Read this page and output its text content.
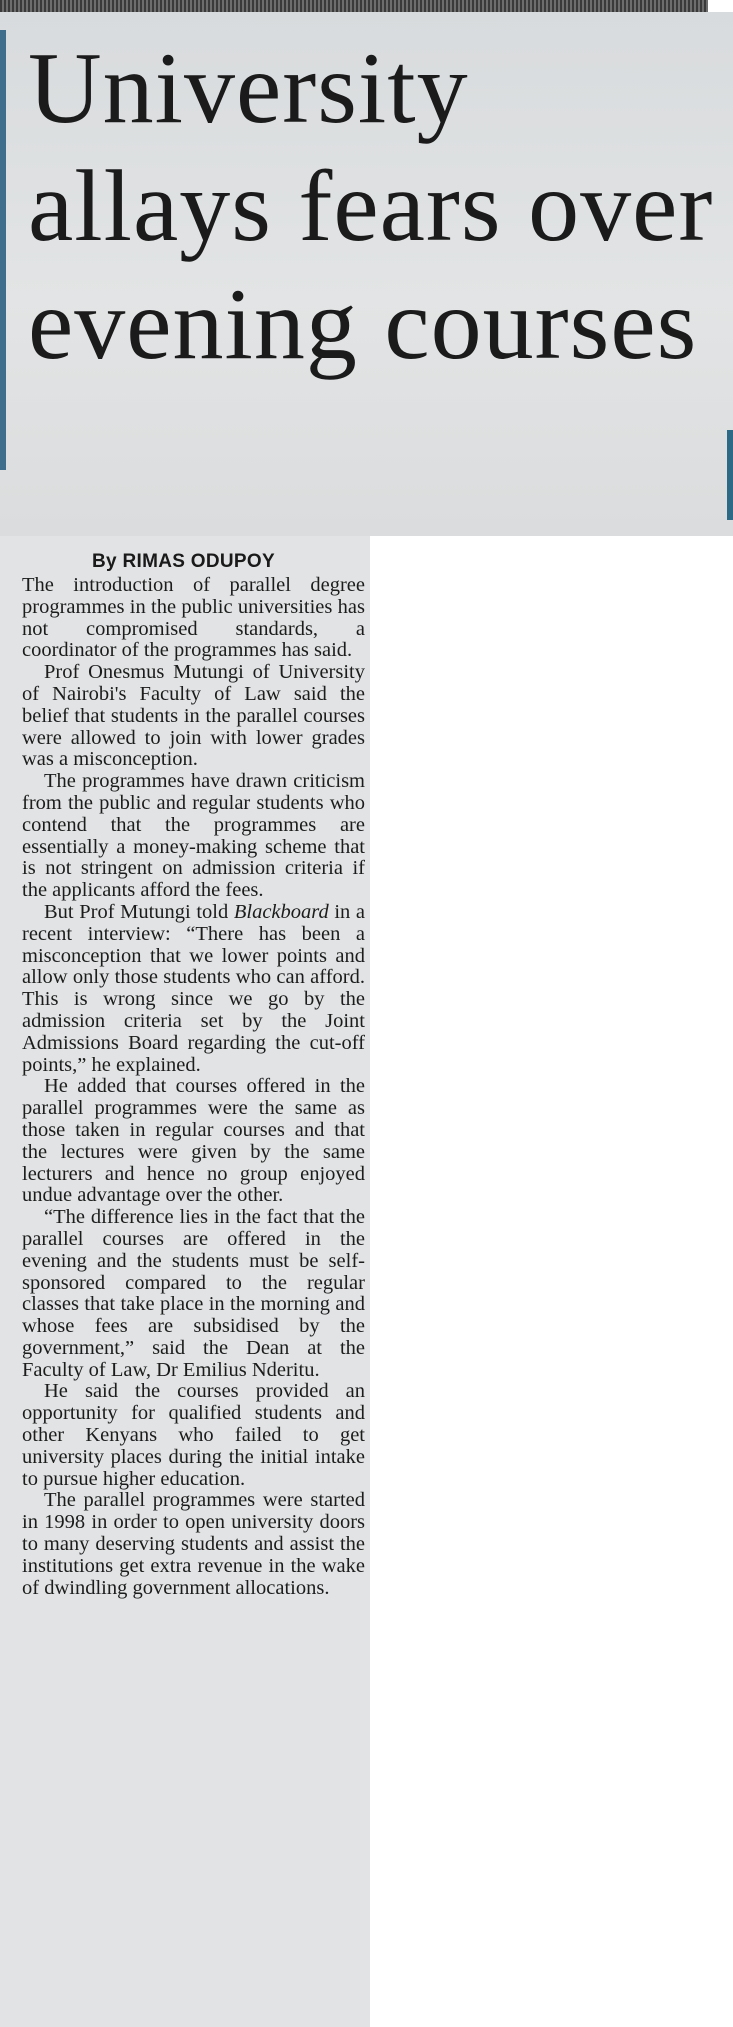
University allays fears over evening courses
By RIMAS ODUPOY

The introduction of parallel degree programmes in the public universities has not compromised standards, a coordinator of the programmes has said.

Prof Onesmus Mutungi of University of Nairobi's Faculty of Law said the belief that students in the parallel courses were allowed to join with lower grades was a misconception.

The programmes have drawn criticism from the public and regular students who contend that the programmes are essentially a money-making scheme that is not stringent on admission criteria if the applicants afford the fees.

But Prof Mutungi told Blackboard in a recent interview: “There has been a misconception that we lower points and allow only those students who can afford. This is wrong since we go by the admission criteria set by the Joint Admissions Board regarding the cut-off points,” he explained.

He added that courses offered in the parallel programmes were the same as those taken in regular courses and that the lectures were given by the same lecturers and hence no group enjoyed undue advantage over the other.

“The difference lies in the fact that the parallel courses are offered in the evening and the students must be self-sponsored compared to the regular classes that take place in the morning and whose fees are subsidised by the government,” said the Dean at the Faculty of Law, Dr Emilius Nderitu.

He said the courses provided an opportunity for qualified students and other Kenyans who failed to get university places during the initial intake to pursue higher education.

The parallel programmes were started in 1998 in order to open university doors to many deserving students and assist the institutions get extra revenue in the wake of dwindling government allocations.
